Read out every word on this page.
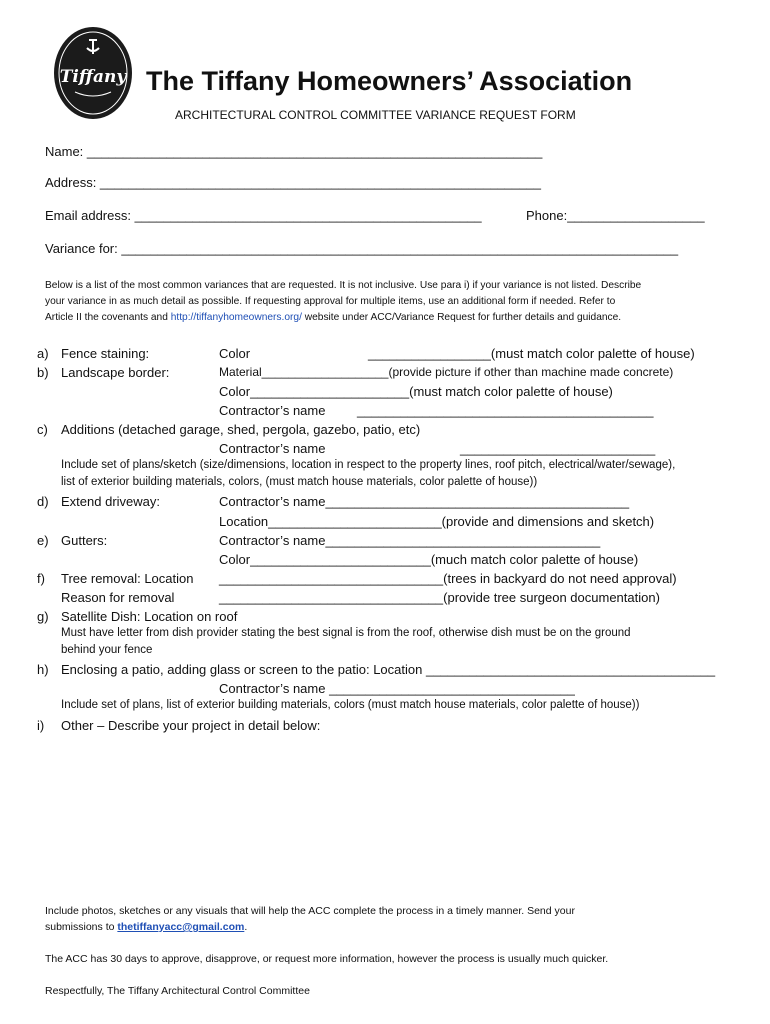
Tiffany The Tiffany Homeowners’ Association
ARCHITECTURAL CONTROL COMMITTEE VARIANCE REQUEST FORM
Name: _______________________________________________________________
Address: _____________________________________________________________
Email address: ________________________________________________	Phone:___________________
Variance for: _____________________________________________________________________________
Below is a list of the most common variances that are requested. It is not inclusive. Use para i) if your variance is not listed. Describe
your variance in as much detail as possible. If requesting approval for multiple items, use an additional form if needed. Refer to
Article II the covenants and http://tiffanyhomeowners.org/ website under ACC/Variance Request for further details and guidance.
a) Fence staining:	Color	_________________(must match color palette of house)
b) Landscape border:	Material___________________(provide picture if other than machine made concrete)
Color______________________(must match color palette of house)
Contractor’s name _________________________________________
c) Additions (detached garage, shed, pergola, gazebo, patio, etc)
Contractor’s name	___________________________
Include set of plans/sketch (size/dimensions, location in respect to the property lines, roof pitch, electrical/water/sewage),
list of exterior building materials, colors, (must match house materials, color palette of house))
d) Extend driveway:	Contractor’s name__________________________________________
Location________________________(provide and dimensions and sketch)
e) Gutters:	Contractor’s name______________________________________
Color_________________________(much match color palette of house)
f) Tree removal: Location _______________________________(trees in backyard do not need approval)
Reason for removal	_______________________________(provide tree surgeon documentation)
g) Satellite Dish: Location on roof
Must have letter from dish provider stating the best signal is from the roof, otherwise dish must be on the ground
behind your fence
h) Enclosing a patio, adding glass or screen to the patio: Location ________________________________________
Contractor’s name __________________________________
Include set of plans, list of exterior building materials, colors (must match house materials, color palette of house))
i) Other – Describe your project in detail below:
Include photos, sketches or any visuals that will help the ACC complete the process in a timely manner. Send your
submissions to thetiffanyacc@gmail.com.
The ACC has 30 days to approve, disapprove, or request more information, however the process is usually much quicker.
Respectfully, The Tiffany Architectural Control Committee
